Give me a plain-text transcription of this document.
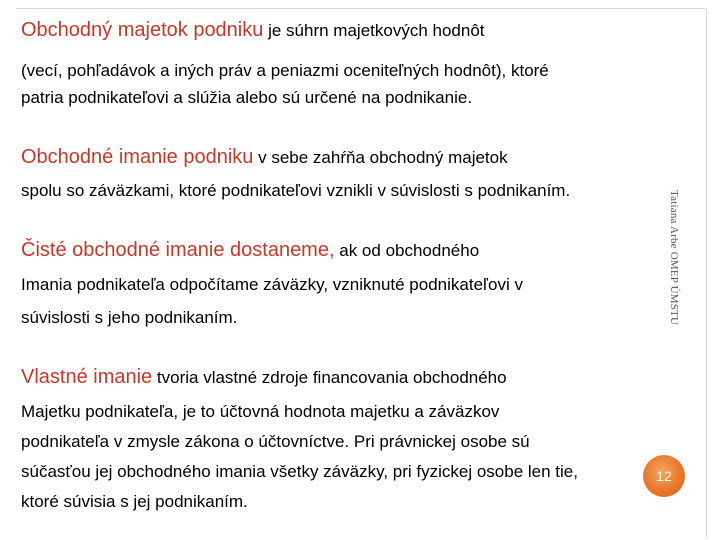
Obchodný majetok podniku je súhrn majetkových hodnôt
(vecí, pohľadávok a iných práv a peniazmi oceniteľných hodnôt), ktoré
patria podnikateľovi a slúžia alebo sú určené na podnikanie.
Obchodné imanie podniku v sebe zahŕňa obchodný majetok
spolu so záväzkami, ktoré podnikateľovi vznikli v súvislosti s podnikaním.
Čisté obchodné imanie dostaneme, ak od obchodného
Imania podnikateľa odpočítame záväzky, vzniknuté podnikateľovi v
súvislosti s jeho podnikaním.
Vlastné imanie tvoria vlastné zdroje financovania obchodného
Majetku podnikateľa, je to účtovná hodnota majetku a záväzkov
podnikateľa v zmysle zákona o účtovníctve. Pri právnickej osobe sú
12
súčasťou jej obchodného imania všetky záväzky, pri fyzickej osobe len tie,
ktoré súvisia s jej podnikaním.
Tatiana Arbe OMEP ÚMSTU
